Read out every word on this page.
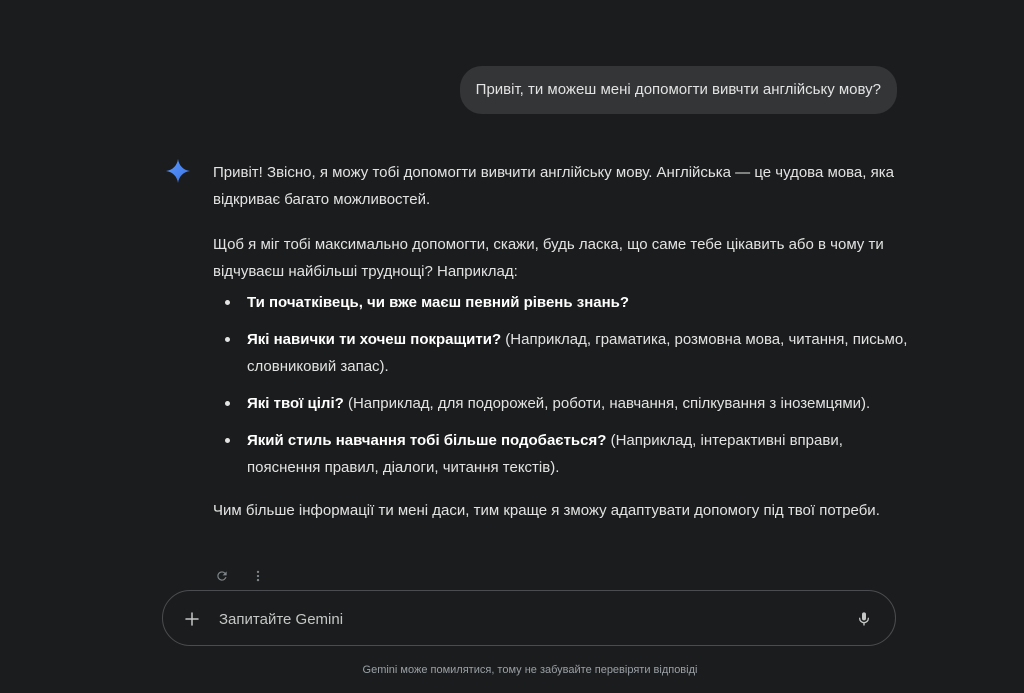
Привіт, ти можеш мені допомогти вивчти англійську мову?

Привіт! Звісно, я можу тобі допомогти вивчити англійську мову. Англійська — це чудова мова, яка відкриває багато можливостей.

Щоб я міг тобі максимально допомогти, скажи, будь ласка, що саме тебе цікавить або в чому ти відчуваєш найбільші труднощі? Наприклад:

Ти початківець, чи вже маєш певний рівень знань?
Які навички ти хочеш покращити? (Наприклад, граматика, розмовна мова, читання, письмо, словниковий запас).
Які твої цілі? (Наприклад, для подорожей, роботи, навчання, спілкування з іноземцями).
Який стиль навчання тобі більше подобається? (Наприклад, інтерактивні вправи, пояснення правил, діалоги, читання текстів).

Чим більше інформації ти мені даси, тим краще я зможу адаптувати допомогу під твої потреби.

Запитайте Gemini
Gemini може помилятися, тому не забувайте перевіряти відповіді
